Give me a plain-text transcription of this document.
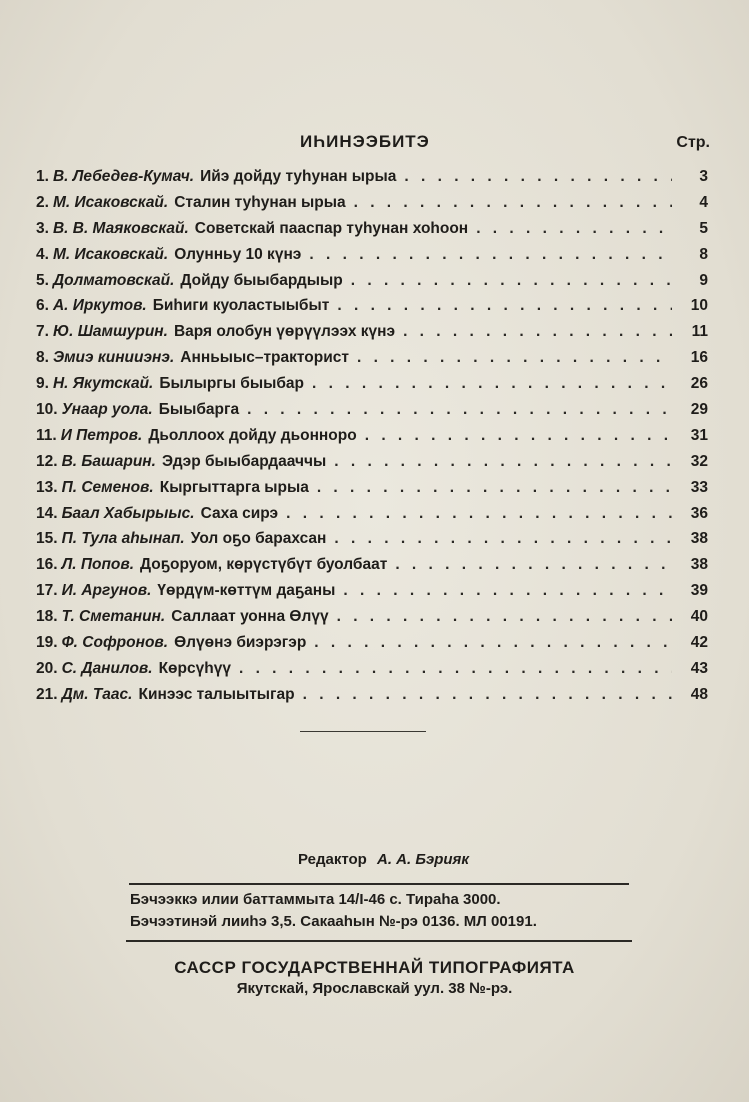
ИҺИНЭЭБИТЭ	Стр.
1. В. Лебедев-Кумач. Ийэ дойду туһунан ырыа . . .	3
2. М. Исаковскай. Сталин туһунан ырыа . . .	4
3. В. В. Маяковскай. Советскай пааспар туһунан хоһоон . . .	5
4. М. Исаковскай. Олунньу 10 күнэ . . .	8
5. Долматовскай. Дойду быыбардыыр . . .	9
6. А. Иркутов. Биһиги куоластыыбыт . . .	10
7. Ю. Шамшурин. Варя олобун үөрүүлээх күнэ . . .	11
8. Эмиэ кинииэнэ. Анньыыс–тракторист . . .	16
9. Н. Якутскай. Былыргы быыбар . . .	26
10. Унаар уола. Быыбарга . . .	29
11. И Петров. Дьоллоох дойду дьонноро . . .	31
12. В. Башарин. Эдэр быыбардааччы . . .	32
13. П. Семенов. Кыргыттарга ырыа . . .	33
14. Баал Хабырыыс. Саха сирэ . . .	36
15. П. Тула аһынап. Уол оҕо барахсан . . .	38
16. Л. Попов. Доҕоруом, көрүстүбүт буолбаат . . .	38
17. И. Аргунов. Үөрдүм-көттүм даҕаны . . .	39
18. Т. Сметанин. Саллаат уонна Өлүү . . .	40
19. Ф. Софронов. Өлүөнэ биэрэгэр . . .	42
20. С. Данилов. Көрсүһүү . . .	43
21. Дм. Таас. Кинээс талыытыгар . . .	48
Редактор А. А. Бэрияк
Бэчээккэ илии баттаммыта 14/I-46 с. Тираһа 3000.
Бэчээтинэй лииһэ 3,5. Сакааһын №-рэ 0136. МЛ 00191.
САССР ГОСУДАРСТВЕННАЙ ТИПОГРАФИЯТА
Якутскай, Ярославскай уул. 38 №-рэ.
